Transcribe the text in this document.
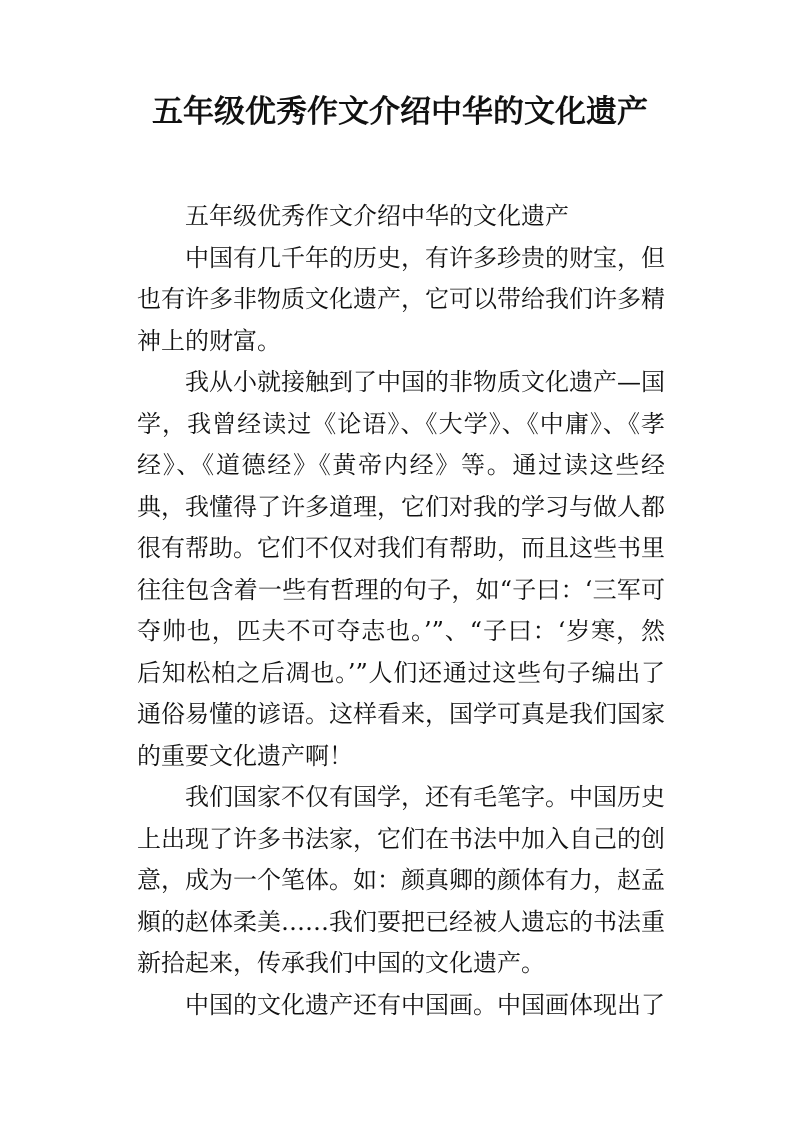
五年级优秀作文介绍中华的文化遗产

五年级优秀作文介绍中华的文化遗产

中国有几千年的历史，有许多珍贵的财宝，但也有许多非物质文化遗产，它可以带给我们许多精神上的财富。

我从小就接触到了中国的非物质文化遗产—国学，我曾经读过《论语》、《大学》、《中庸》、《孝经》、《道德经》《黄帝内经》等。通过读这些经典，我懂得了许多道理，它们对我的学习与做人都很有帮助。它们不仅对我们有帮助，而且这些书里往往包含着一些有哲理的句子，如“子曰：‘三军可夺帅也，匹夫不可夺志也。’”、“子曰：‘岁寒，然后知松柏之后凋也。’”人们还通过这些句子编出了通俗易懂的谚语。这样看来，国学可真是我们国家的重要文化遗产啊！

我们国家不仅有国学，还有毛笔字。中国历史上出现了许多书法家，它们在书法中加入自己的创意，成为一个笔体。如：颜真卿的颜体有力，赵孟頫的赵体柔美……我们要把已经被人遗忘的书法重新拾起来，传承我们中国的文化遗产。

中国的文化遗产还有中国画。中国画体现出了
